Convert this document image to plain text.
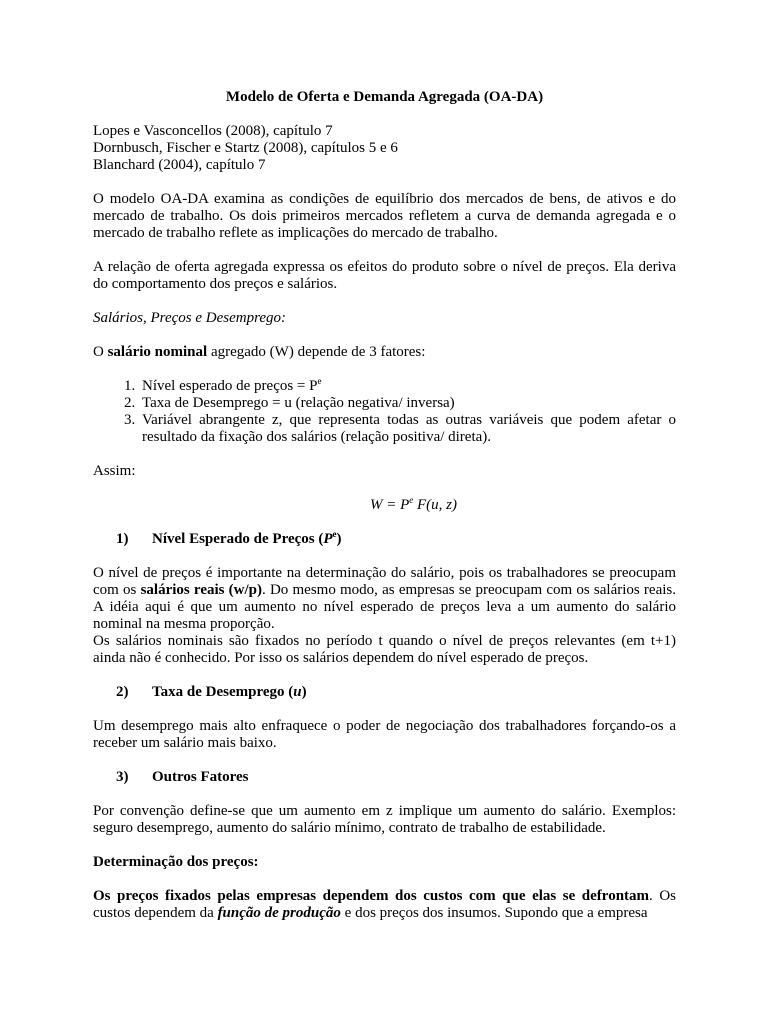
Modelo de Oferta e Demanda Agregada (OA-DA)
Lopes e Vasconcellos (2008), capítulo 7
Dornbusch, Fischer e Startz (2008), capítulos 5 e 6
Blanchard (2004), capítulo 7

O modelo OA-DA examina as condições de equilíbrio dos mercados de bens, de ativos e do mercado de trabalho. Os dois primeiros mercados refletem a curva de demanda agregada e o mercado de trabalho reflete as implicações do mercado de trabalho.

A relação de oferta agregada expressa os efeitos do produto sobre o nível de preços. Ela deriva do comportamento dos preços e salários.

Salários, Preços e Desemprego:

O salário nominal agregado (W) depende de 3 fatores:

1. Nível esperado de preços = $P^e$
2. Taxa de Desemprego = u (relação negativa/ inversa)
3. Variável abrangente z, que representa todas as outras variáveis que podem afetar o resultado da fixação dos salários (relação positiva/ direta).

Assim:

$W = P^e$ F(u, z)
1) Nível Esperado de Preços $(P^e)$

O nível de preços é importante na determinação do salário, pois os trabalhadores se preocupam com os salários reais (w/p). Do mesmo modo, as empresas se preocupam com os salários reais. A idéia aqui é que um aumento no nível esperado de preços leva a um aumento do salário nominal na mesma proporção.

Os salários nominais são fixados no período t quando o nível de preços relevantes (em t+1) ainda não é conhecido. Por isso os salários dependem do nível esperado de preços.

2) Taxa de Desemprego (u)

Um desemprego mais alto enfraquece o poder de negociação dos trabalhadores forçando-os a receber um salário mais baixo.

3) Outros Fatores

Por convenção define-se que um aumento em z implique um aumento do salário. Exemplos: seguro desemprego, aumento do salário mínimo, contrato de trabalho de estabilidade.

Determinação dos preços:

Os preços fixados pelas empresas dependem dos custos com que elas se defrontam. Os custos dependem da função de produção e dos preços dos insumos. Supondo que a empresa
